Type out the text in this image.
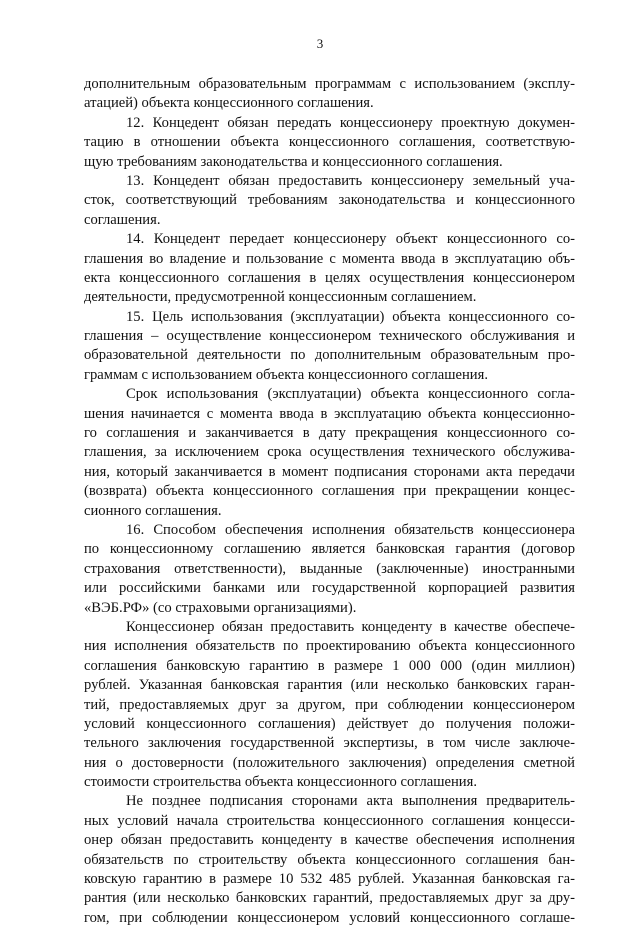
3
дополнительным образовательным программам с использованием (эксплу-
атацией) объекта концессионного соглашения.
12. Концедент обязан передать концессионеру проектную докумен-
тацию в отношении объекта концессионного соглашения, соответствую-
щую требованиям законодательства и концессионного соглашения.
13. Концедент обязан предоставить концессионеру земельный уча-
сток, соответствующий требованиям законодательства и концессионного
соглашения.
14. Концедент передает концессионеру объект концессионного со-
глашения во владение и пользование с момента ввода в эксплуатацию объ-
екта концессионного соглашения в целях осуществления концессионером
деятельности, предусмотренной концессионным соглашением.
15. Цель использования (эксплуатации) объекта концессионного со-
глашения – осуществление концессионером технического обслуживания и
образовательной деятельности по дополнительным образовательным про-
граммам с использованием объекта концессионного соглашения.
Срок использования (эксплуатации) объекта концессионного согла-
шения начинается с момента ввода в эксплуатацию объекта концессионно-
го соглашения и заканчивается в дату прекращения концессионного со-
глашения, за исключением срока осуществления технического обслужива-
ния, который заканчивается в момент подписания сторонами акта передачи
(возврата) объекта концессионного соглашения при прекращении концес-
сионного соглашения.
16. Способом обеспечения исполнения обязательств концессионера
по концессионному соглашению является банковская гарантия (договор
страхования ответственности), выданные (заключенные) иностранными
или российскими банками или государственной корпорацией развития
«ВЭБ.РФ» (со страховыми организациями).
Концессионер обязан предоставить концеденту в качестве обеспече-
ния исполнения обязательств по проектированию объекта концессионного
соглашения банковскую гарантию в размере 1 000 000 (один миллион)
рублей. Указанная банковская гарантия (или несколько банковских гаран-
тий, предоставляемых друг за другом, при соблюдении концессионером
условий концессионного соглашения) действует до получения положи-
тельного заключения государственной экспертизы, в том числе заключе-
ния о достоверности (положительного заключения) определения сметной
стоимости строительства объекта концессионного соглашения.
Не позднее подписания сторонами акта выполнения предваритель-
ных условий начала строительства концессионного соглашения концесси-
онер обязан предоставить концеденту в качестве обеспечения исполнения
обязательств по строительству объекта концессионного соглашения бан-
ковскую гарантию в размере 10 532 485 рублей. Указанная банковская га-
рантия (или несколько банковских гарантий, предоставляемых друг за дру-
гом, при соблюдении концессионером условий концессионного соглаше-
